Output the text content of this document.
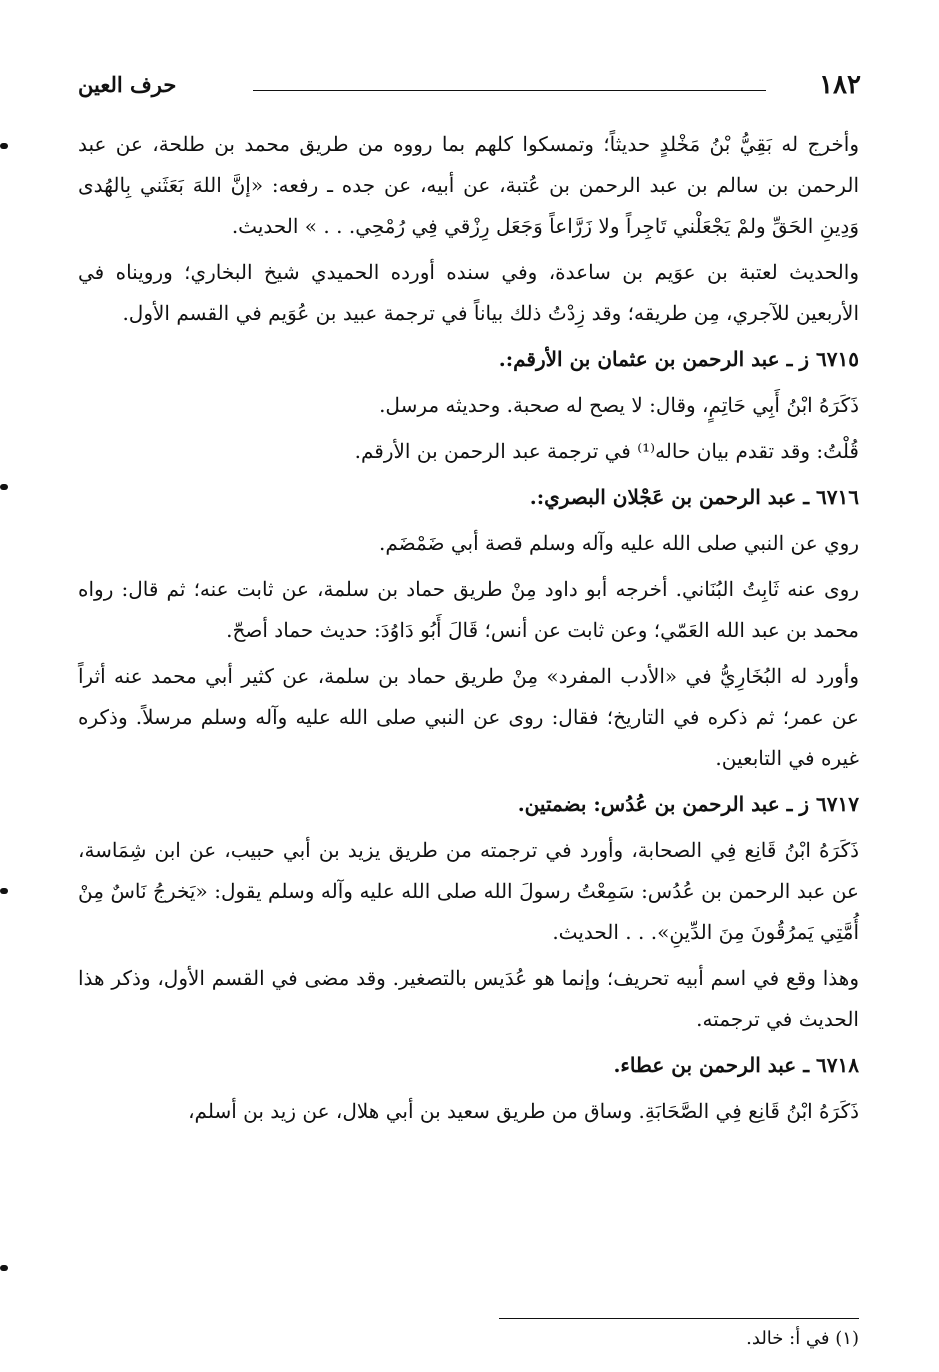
١٨٢
حرف العين

وأخرج له بَقِيُّ بْنُ مَخْلدٍ حديثاً؛ وتمسكوا كلهم بما رووه من طريق محمد بن طلحة، عن عبد الرحمن بن سالم بن عبد الرحمن بن عُتبة، عن أبيه، عن جده ـ رفعه: «إنَّ اللهَ بَعَثَني بِالهُدى وَدِينِ الحَقِّ ولمْ يَجْعَلْني تَاجِراً ولا زَرَّاعاً وَجَعَل رِزْقي فِي رُمْحِي. . . » الحديث.

والحديث لعتبة بن عوَيم بن ساعدة، وفي سنده أورده الحميدي شيخ البخاري؛ ورويناه في الأربعين للآجري، مِن طريقه؛ وقد زِدْتُ ذلك بياناً في ترجمة عبيد بن عُوَيم في القسم الأول.

٦٧١٥ ز ـ عبد الرحمن بن عثمان بن الأرقم:.

ذَكَرَهُ ابْنُ أَبِي حَاتِمٍ، وقال: لا يصح له صحبة. وحديثه مرسل.

قُلْتُ: وقد تقدم بيان حاله⁽¹⁾ في ترجمة عبد الرحمن بن الأرقم.

٦٧١٦ ـ عبد الرحمن بن عَجْلان البصري:.

روي عن النبي صلى الله عليه وآله وسلم قصة أبي ضَمْضَم.

روى عنه ثَابِتُ البُنَاني. أخرجه أبو داود مِنْ طريق حماد بن سلمة، عن ثابت عنه؛ ثم قال: رواه محمد بن عبد الله العَمّي؛ وعن ثابت عن أنس؛ قَالَ أَبُو دَاوُدَ: حديث حماد أصحّ.

وأورد له البُخَارِيُّ في «الأدب المفرد» مِنْ طريق حماد بن سلمة، عن كثير أبي محمد عنه أثراً عن عمر؛ ثم ذكره في التاريخ؛ فقال: روى عن النبي صلى الله عليه وآله وسلم مرسلاً. وذكره غيره في التابعين.

٦٧١٧ ز ـ عبد الرحمن بن عُدُس: بضمتين.

ذَكَرَهُ ابْنُ قَانِع فِي الصحابة، وأورد في ترجمته من طريق يزيد بن أبي حبيب، عن ابن شِمَاسة، عن عبد الرحمن بن عُدُس: سَمِعْتُ رسولَ الله صلى الله عليه وآله وسلم يقول: «يَخرجُ نَاسٌ مِنْ أُمَّتِي يَمرُقُونَ مِنَ الدِّينِ». . . الحديث.

وهذا وقع في اسم أبيه تحريف؛ وإنما هو عُدَيس بالتصغير. وقد مضى في القسم الأول، وذكر هذا الحديث في ترجمته.

٦٧١٨ ـ عبد الرحمن بن عطاء.

ذَكَرَهُ ابْنُ قَانِع فِي الصَّحَابَةِ. وساق من طريق سعيد بن أبي هلال، عن زيد بن أسلم،

(١) في أ: خالد.
